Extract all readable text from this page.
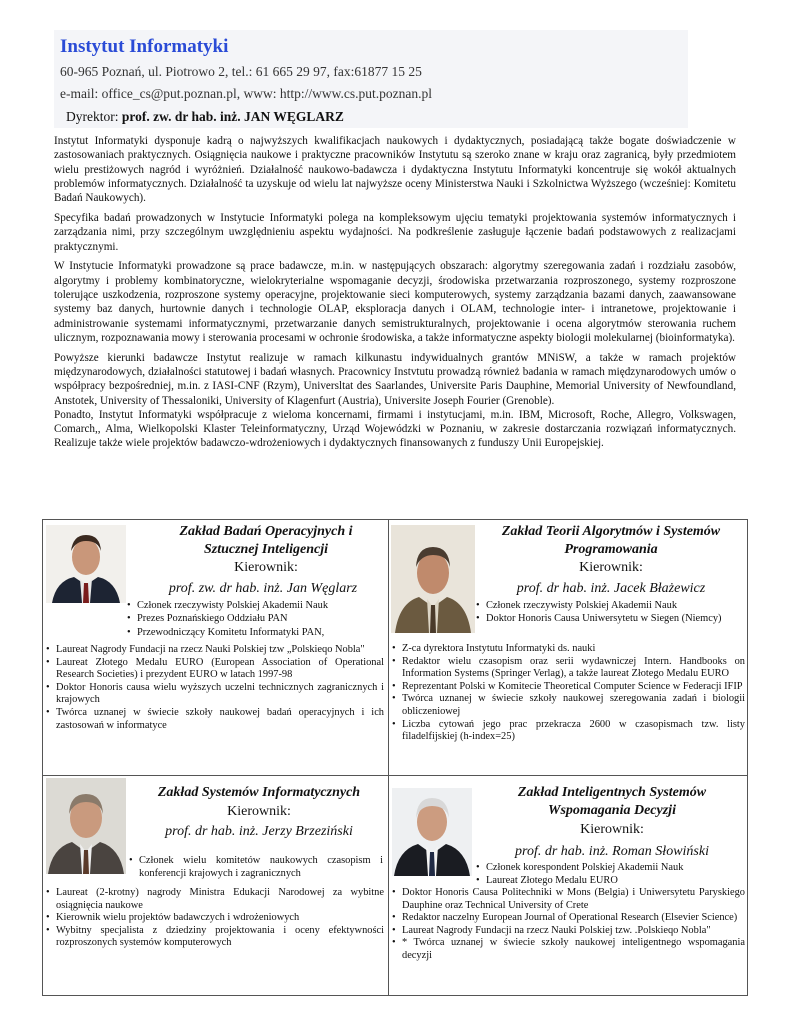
Instytut Informatyki
60-965 Poznań, ul. Piotrowo 2, tel.: 61 665 29 97, fax:61877 15 25
e-mail: office_cs@put.poznan.pl, www: http://www.cs.put.poznan.pl
Dyrektor: prof. zw. dr hab. inż. JAN WĘGLARZ

Instytut Informatyki dysponuje kadrą o najwyższych kwalifikacjach naukowych i dydaktycznych, posiadającą także bogate doświadczenie w zastosowaniach praktycznych. Osiągnięcia naukowe i praktyczne pracowników Instytutu są szeroko znane w kraju oraz zagranicą, były przedmiotem wielu prestiżowych nagród i wyróżnień. Działalność naukowo-badawcza i dydaktyczna Instytutu Informatyki koncentruje się wokół aktualnych problemów informatycznych. Działalność ta uzyskuje od wielu lat najwyższe oceny Ministerstwa Nauki i Szkolnictwa Wyższego (wcześniej: Komitetu Badań Naukowych).

Specyfika badań prowadzonych w Instytucie Informatyki polega na kompleksowym ujęciu tematyki projektowania systemów informatycznych i zarządzania nimi, przy szczególnym uwzględnieniu aspektu wydajności. Na podkreślenie zasługuje łączenie badań podstawowych z realizacjami praktycznymi.

W Instytucie Informatyki prowadzone są prace badawcze, m.in. w następujących obszarach: algorytmy szeregowania zadań i rozdziału zasobów, algorytmy i problemy kombinatoryczne, wielokryterialne wspomaganie decyzji, środowiska przetwarzania rozproszonego, systemy rozproszone tolerujące uszkodzenia, rozproszone systemy operacyjne, projektowanie sieci komputerowych, systemy zarządzania bazami danych, zaawansowane systemy baz danych, hurtownie danych i technologie OLAP, eksploracja danych i OLAM, technologie inter- i intranetowe, projektowanie i administrowanie systemami informatycznymi, przetwarzanie danych semistrukturalnych, projektowanie i ocena algorytmów sterowania ruchem ulicznym, rozpoznawania mowy i sterowania procesami w ochronie środowiska, a także informatyczne aspekty biologii molekularnej (bioinformatyka).

Powyższe kierunki badawcze Instytut realizuje w ramach kilkunastu indywidualnych grantów MNiSW, a także w ramach projektów międzynarodowych, działalności statutowej i badań własnych. Pracownicy Instvtutu prowadzą również badania w ramach międzynarodowych umów o współpracy bezpośredniej, m.in. z IASI-CNF (Rzym), Universltat des Saarlandes, Universite Paris Dauphine, Memorial University of Newfoundland, Anstotek, University of Thessaloniki, University of Klagenfurt (Austria), Universite Joseph Fourier (Grenoble).

Ponadto, Instytut Informatyki współpracuje z wieloma koncernami, firmami i instytucjami, m.in. IBM, Microsoft, Roche, Allegro, Volkswagen, Comarch,, Alma, Wielkopolski Klaster Teleinformatyczny, Urząd Wojewódzki w Poznaniu, w zakresie dostarczania rozwiązań informatycznych. Realizuje także wiele projektów badawczo-wdrożeniowych i dydaktycznych finansowanych z funduszy Unii Europejskiej.

Zakład Badań Operacyjnych i Sztucznej Inteligencji
Kierownik:
prof. zw. dr hab. inż. Jan Węglarz
• Członek rzeczywisty Polskiej Akademii Nauk
• Prezes Poznańskiego Oddziału PAN
• Przewodniczący Komitetu Informatyki PAN,
• Laureat Nagrody Fundacji na rzecz Nauki Polskiej tzw „Polskieqo Nobla"
• Laureat Złotego Medalu EURO (European Association of Operational Research Societies) i prezydent EURO w latach 1997-98
• Doktor Honoris causa wielu wyższych uczelni technicznych zagranicznych i krajowych
• Twórca uznanej w świecie szkoły naukowej badań operacyjnych i ich zastosowań w informatyce
Zakład Teorii Algorytmów i Systemów Programowania
Kierownik:
prof. dr hab. inż. Jacek Błażewicz
• Członek rzeczywisty Polskiej Akademii Nauk
• Doktor Honoris Causa Uniwersytetu w Siegen (Niemcy)
• Z-ca dyrektora Instytutu Informatyki ds. nauki
• Redaktor wielu czasopism oraz serii wydawniczej Intern. Handbooks on Information Systems (Springer Verlag), a także laureat Złotego Medalu EURO
• Reprezentant Polski w Komitecie Theoretical Computer Science w Federacji IFIP
• Twórca uznanej w świecie szkoły naukowej szeregowania zadań i biologii obliczeniowej
• Liczba cytowań jego prac przekracza 2600 w czasopismach tzw. listy filadelfijskiej (h-index=25)
Zakład Systemów Informatycznych
Kierownik:
prof. dr hab. inż. Jerzy Brzeziński
• Członek wielu komitetów naukowych czasopism i konferencji krajowych i zagranicznych
• Laureat (2-krotny) nagrody Ministra Edukacji Narodowej za wybitne osiągnięcia naukowe
• Kierownik wielu projektów badawczych i wdrożeniowych
• Wybitny specjalista z dziedziny projektowania i oceny efektywności rozproszonych systemów komputerowych
Zakład Inteligentnych Systemów Wspomagania Decyzji
Kierownik:
prof. dr hab. inż. Roman Słowiński
• Członek korespondent Polskiej Akademii Nauk
• Laureat Złotego Medalu EURO
• Doktor Honoris Causa Politechniki w Mons (Belgia) i Uniwersytetu Paryskiego Dauphine oraz Technical University of Crete
• Redaktor naczelny European Journal of Operational Research (Elsevier Science)
• Laureat Nagrody Fundacji na rzecz Nauki Polskiej tzw. .Polskieqo Nobla"
• * Twórca uznanej w świecie szkoły naukowej inteligentnego wspomagania decyzji
